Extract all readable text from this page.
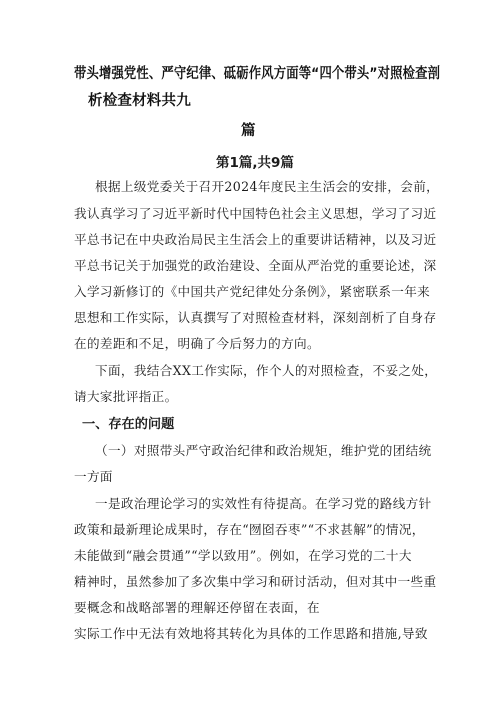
带头增强党性、严守纪律、砥砺作风方面等“四个带头”对照检查剖
析检查材料共九
篇
第1篇,共9篇
根据上级党委关于召开2024年度民主生活会的安排，会前，
我认真学习了习近平新时代中国特色社会主义思想，学习了习近
平总书记在中央政治局民主生活会上的重要讲话精神，以及习近
平总书记关于加强党的政治建设、全面从严治党的重要论述，深
入学习新修订的《中国共产党纪律处分条例》，紧密联系一年来
思想和工作实际，认真撰写了对照检查材料，深刻剖析了自身存
在的差距和不足，明确了今后努力的方向。
下面，我结合XX工作实际，作个人的对照检查，不妥之处，
请大家批评指正。
一、存在的问题
（一）对照带头严守政治纪律和政治规矩，维护党的团结统
一方面
一是政治理论学习的实效性有待提高。在学习党的路线方针
政策和最新理论成果时，存在“囫囵吞枣”“不求甚解”的情况，
未能做到“融会贯通”“学以致用”。例如，在学习党的二十大
精神时，虽然参加了多次集中学习和研讨活动，但对其中一些重
要概念和战略部署的理解还停留在表面，在
实际工作中无法有效地将其转化为具体的工作思路和措施,导致
